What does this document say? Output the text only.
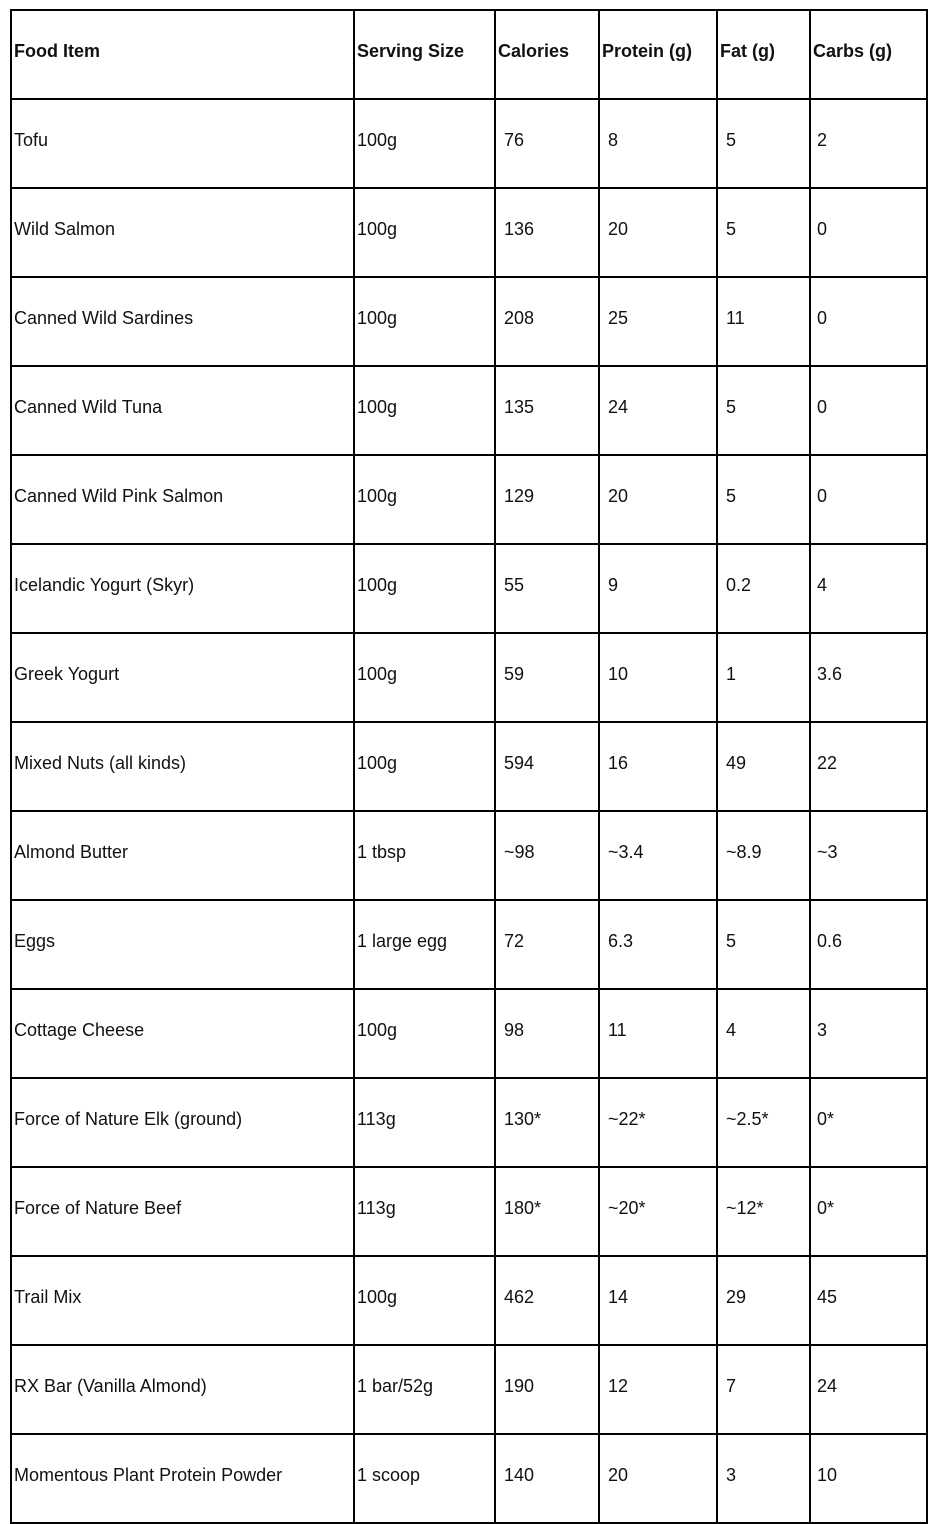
Food Item	Serving Size	Calories	Protein (g)	Fat (g)	Carbs (g)
Tofu	100g	76	8	5	2
Wild Salmon	100g	136	20	5	0
Canned Wild Sardines	100g	208	25	11	0
Canned Wild Tuna	100g	135	24	5	0
Canned Wild Pink Salmon	100g	129	20	5	0
Icelandic Yogurt (Skyr)	100g	55	9	0.2	4
Greek Yogurt	100g	59	10	1	3.6
Mixed Nuts (all kinds)	100g	594	16	49	22
Almond Butter	1 tbsp	~98	~3.4	~8.9	~3
Eggs	1 large egg	72	6.3	5	0.6
Cottage Cheese	100g	98	11	4	3
Force of Nature Elk (ground)	113g	130*	~22*	~2.5*	0*
Force of Nature Beef	113g	180*	~20*	~12*	0*
Trail Mix	100g	462	14	29	45
RX Bar (Vanilla Almond)	1 bar/52g	190	12	7	24
Momentous Plant Protein Powder	1 scoop	140	20	3	10
